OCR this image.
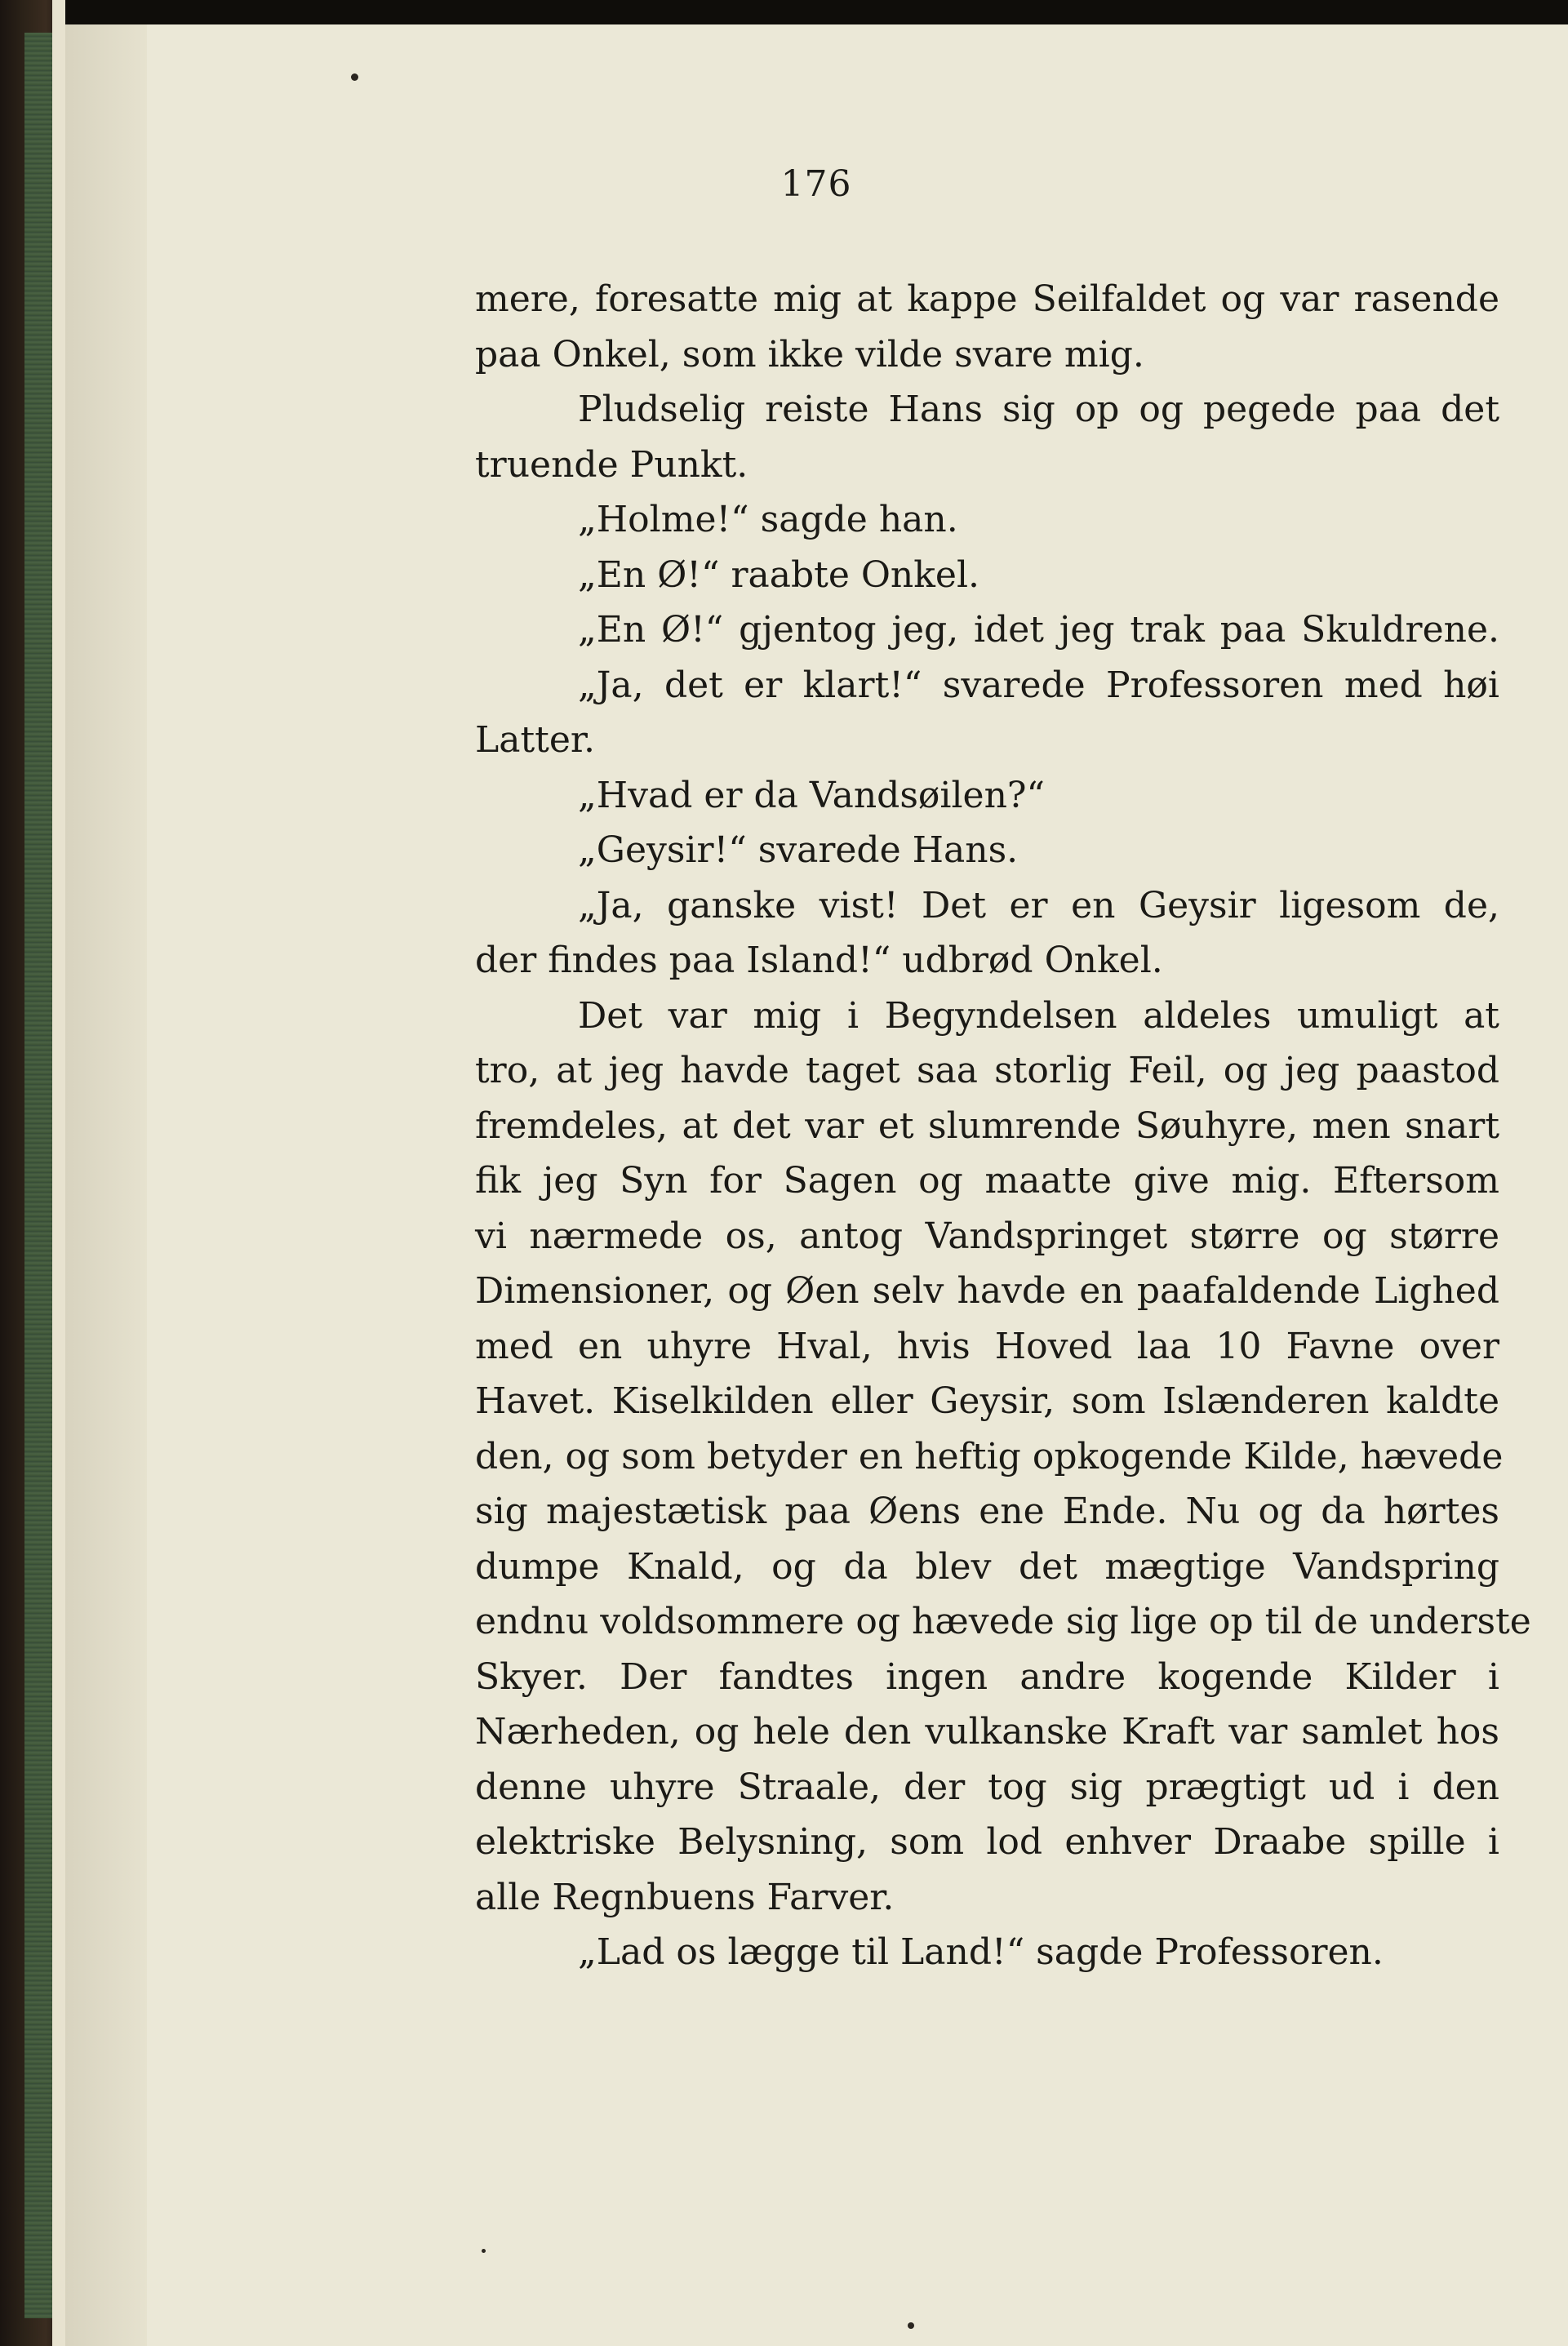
176
mere, foresatte mig at kappe Seilfaldet og var rasende
paa Onkel, som ikke vilde svare mig.
Pludselig reiste Hans sig op og pegede paa det
truende Punkt.
„Holme!“ sagde han.
„En Ø!“ raabte Onkel.
„En Ø!“ gjentog jeg, idet jeg trak paa Skuldrene.
„Ja, det er klart!“ svarede Professoren med høi
Latter.
„Hvad er da Vandsøilen?“
„Geysir!“ svarede Hans.
„Ja, ganske vist! Det er en Geysir ligesom de,
der findes paa Island!“ udbrød Onkel.
Det var mig i Begyndelsen aldeles umuligt at
tro, at jeg havde taget saa storlig Feil, og jeg paastod
fremdeles, at det var et slumrende Søuhyre, men snart
fik jeg Syn for Sagen og maatte give mig. Eftersom
vi nærmede os, antog Vandspringet større og større
Dimensioner, og Øen selv havde en paafaldende Lighed
med en uhyre Hval, hvis Hoved laa 10 Favne over
Havet. Kiselkilden eller Geysir, som Islænderen kaldte
den, og som betyder en heftig opkogende Kilde, hævede
sig majestætisk paa Øens ene Ende. Nu og da hørtes
dumpe Knald, og da blev det mægtige Vandspring
endnu voldsommere og hævede sig lige op til de underste
Skyer. Der fandtes ingen andre kogende Kilder i
Nærheden, og hele den vulkanske Kraft var samlet hos
denne uhyre Straale, der tog sig prægtigt ud i den
elektriske Belysning, som lod enhver Draabe spille i
alle Regnbuens Farver.
„Lad os lægge til Land!“ sagde Professoren.
